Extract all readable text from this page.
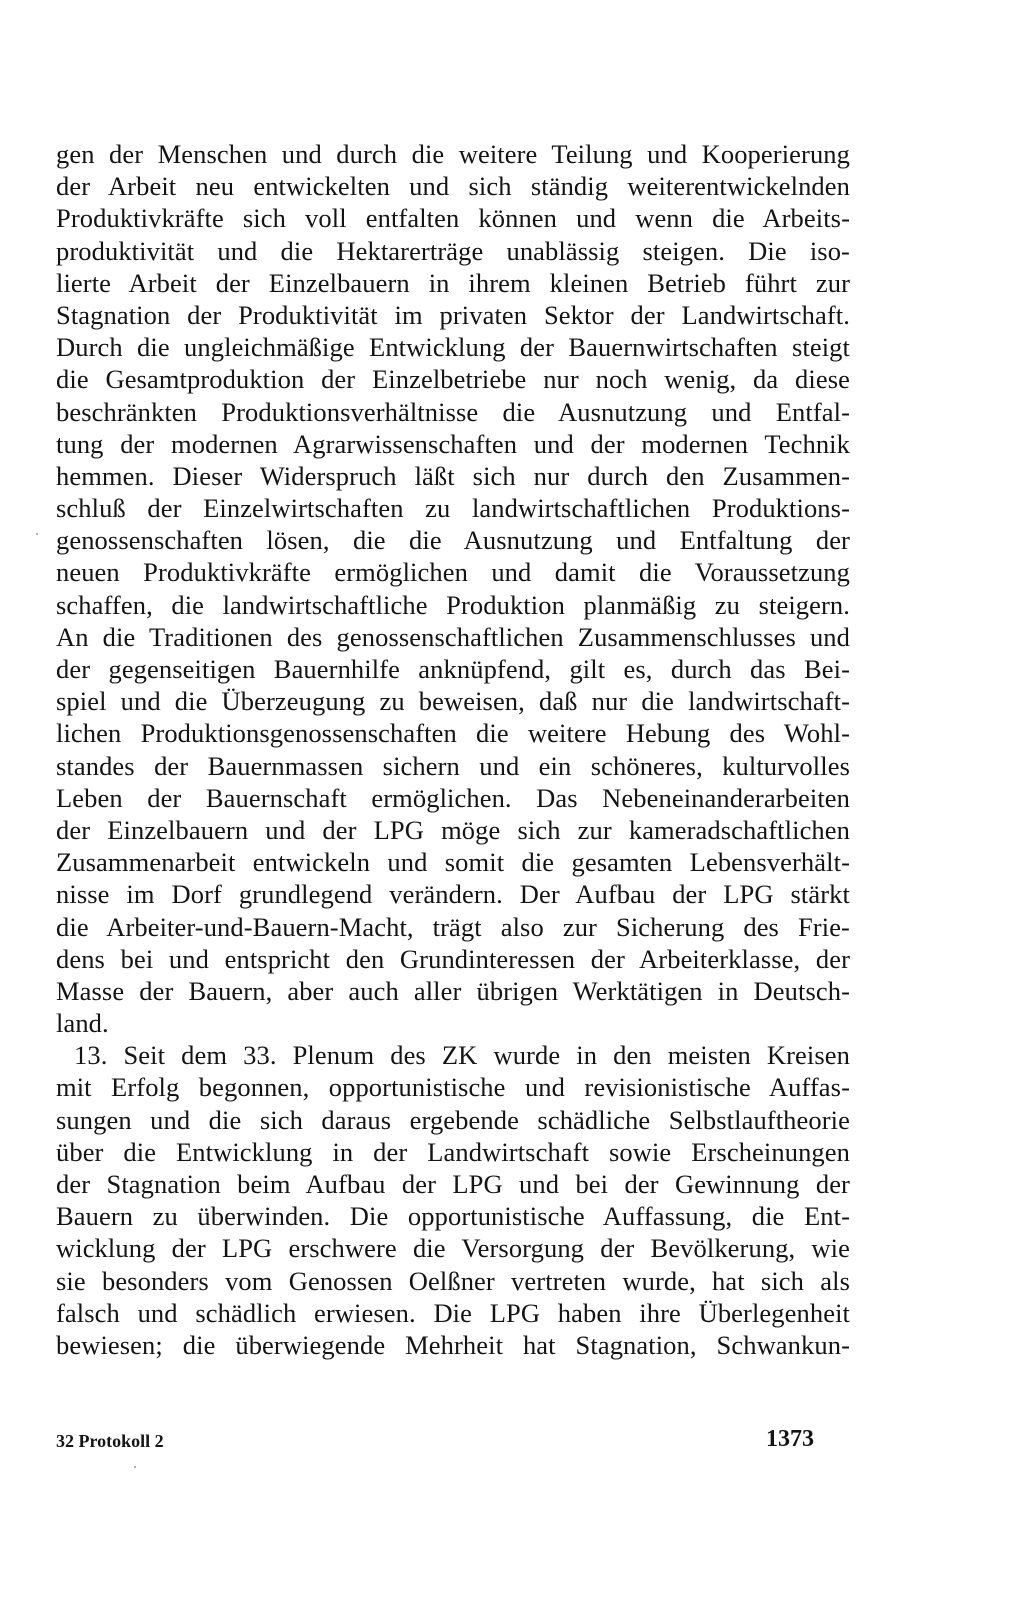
gen der Menschen und durch die weitere Teilung und Kooperierung
der Arbeit neu entwickelten und sich ständig weiterentwickelnden
Produktivkräfte sich voll entfalten können und wenn die Arbeits-
produktivität und die Hektarerträge unablässig steigen. Die iso-
lierte Arbeit der Einzelbauern in ihrem kleinen Betrieb führt zur
Stagnation der Produktivität im privaten Sektor der Landwirtschaft.
Durch die ungleichmäßige Entwicklung der Bauernwirtschaften steigt
die Gesamtproduktion der Einzelbetriebe nur noch wenig, da diese
beschränkten Produktionsverhältnisse die Ausnutzung und Entfal-
tung der modernen Agrarwissenschaften und der modernen Technik
hemmen. Dieser Widerspruch läßt sich nur durch den Zusammen-
schluß der Einzelwirtschaften zu landwirtschaftlichen Produktions-
genossenschaften lösen, die die Ausnutzung und Entfaltung der
neuen Produktivkräfte ermöglichen und damit die Voraussetzung
schaffen, die landwirtschaftliche Produktion planmäßig zu steigern.
An die Traditionen des genossenschaftlichen Zusammenschlusses und
der gegenseitigen Bauernhilfe anknüpfend, gilt es, durch das Bei-
spiel und die Überzeugung zu beweisen, daß nur die landwirtschaft-
lichen Produktionsgenossenschaften die weitere Hebung des Wohl-
standes der Bauernmassen sichern und ein schöneres, kulturvolles
Leben der Bauernschaft ermöglichen. Das Nebeneinanderarbeiten
der Einzelbauern und der LPG möge sich zur kameradschaftlichen
Zusammenarbeit entwickeln und somit die gesamten Lebensverhält-
nisse im Dorf grundlegend verändern. Der Aufbau der LPG stärkt
die Arbeiter-und-Bauern-Macht, trägt also zur Sicherung des Frie-
dens bei und entspricht den Grundinteressen der Arbeiterklasse, der
Masse der Bauern, aber auch aller übrigen Werktätigen in Deutsch-
land.
13. Seit dem 33. Plenum des ZK wurde in den meisten Kreisen
mit Erfolg begonnen, opportunistische und revisionistische Auffas-
sungen und die sich daraus ergebende schädliche Selbstlauftheorie
über die Entwicklung in der Landwirtschaft sowie Erscheinungen
der Stagnation beim Aufbau der LPG und bei der Gewinnung der
Bauern zu überwinden. Die opportunistische Auffassung, die Ent-
wicklung der LPG erschwere die Versorgung der Bevölkerung, wie
sie besonders vom Genossen Oelßner vertreten wurde, hat sich als
falsch und schädlich erwiesen. Die LPG haben ihre Überlegenheit
bewiesen; die überwiegende Mehrheit hat Stagnation, Schwankun-
32 Protokoll 2	1373
